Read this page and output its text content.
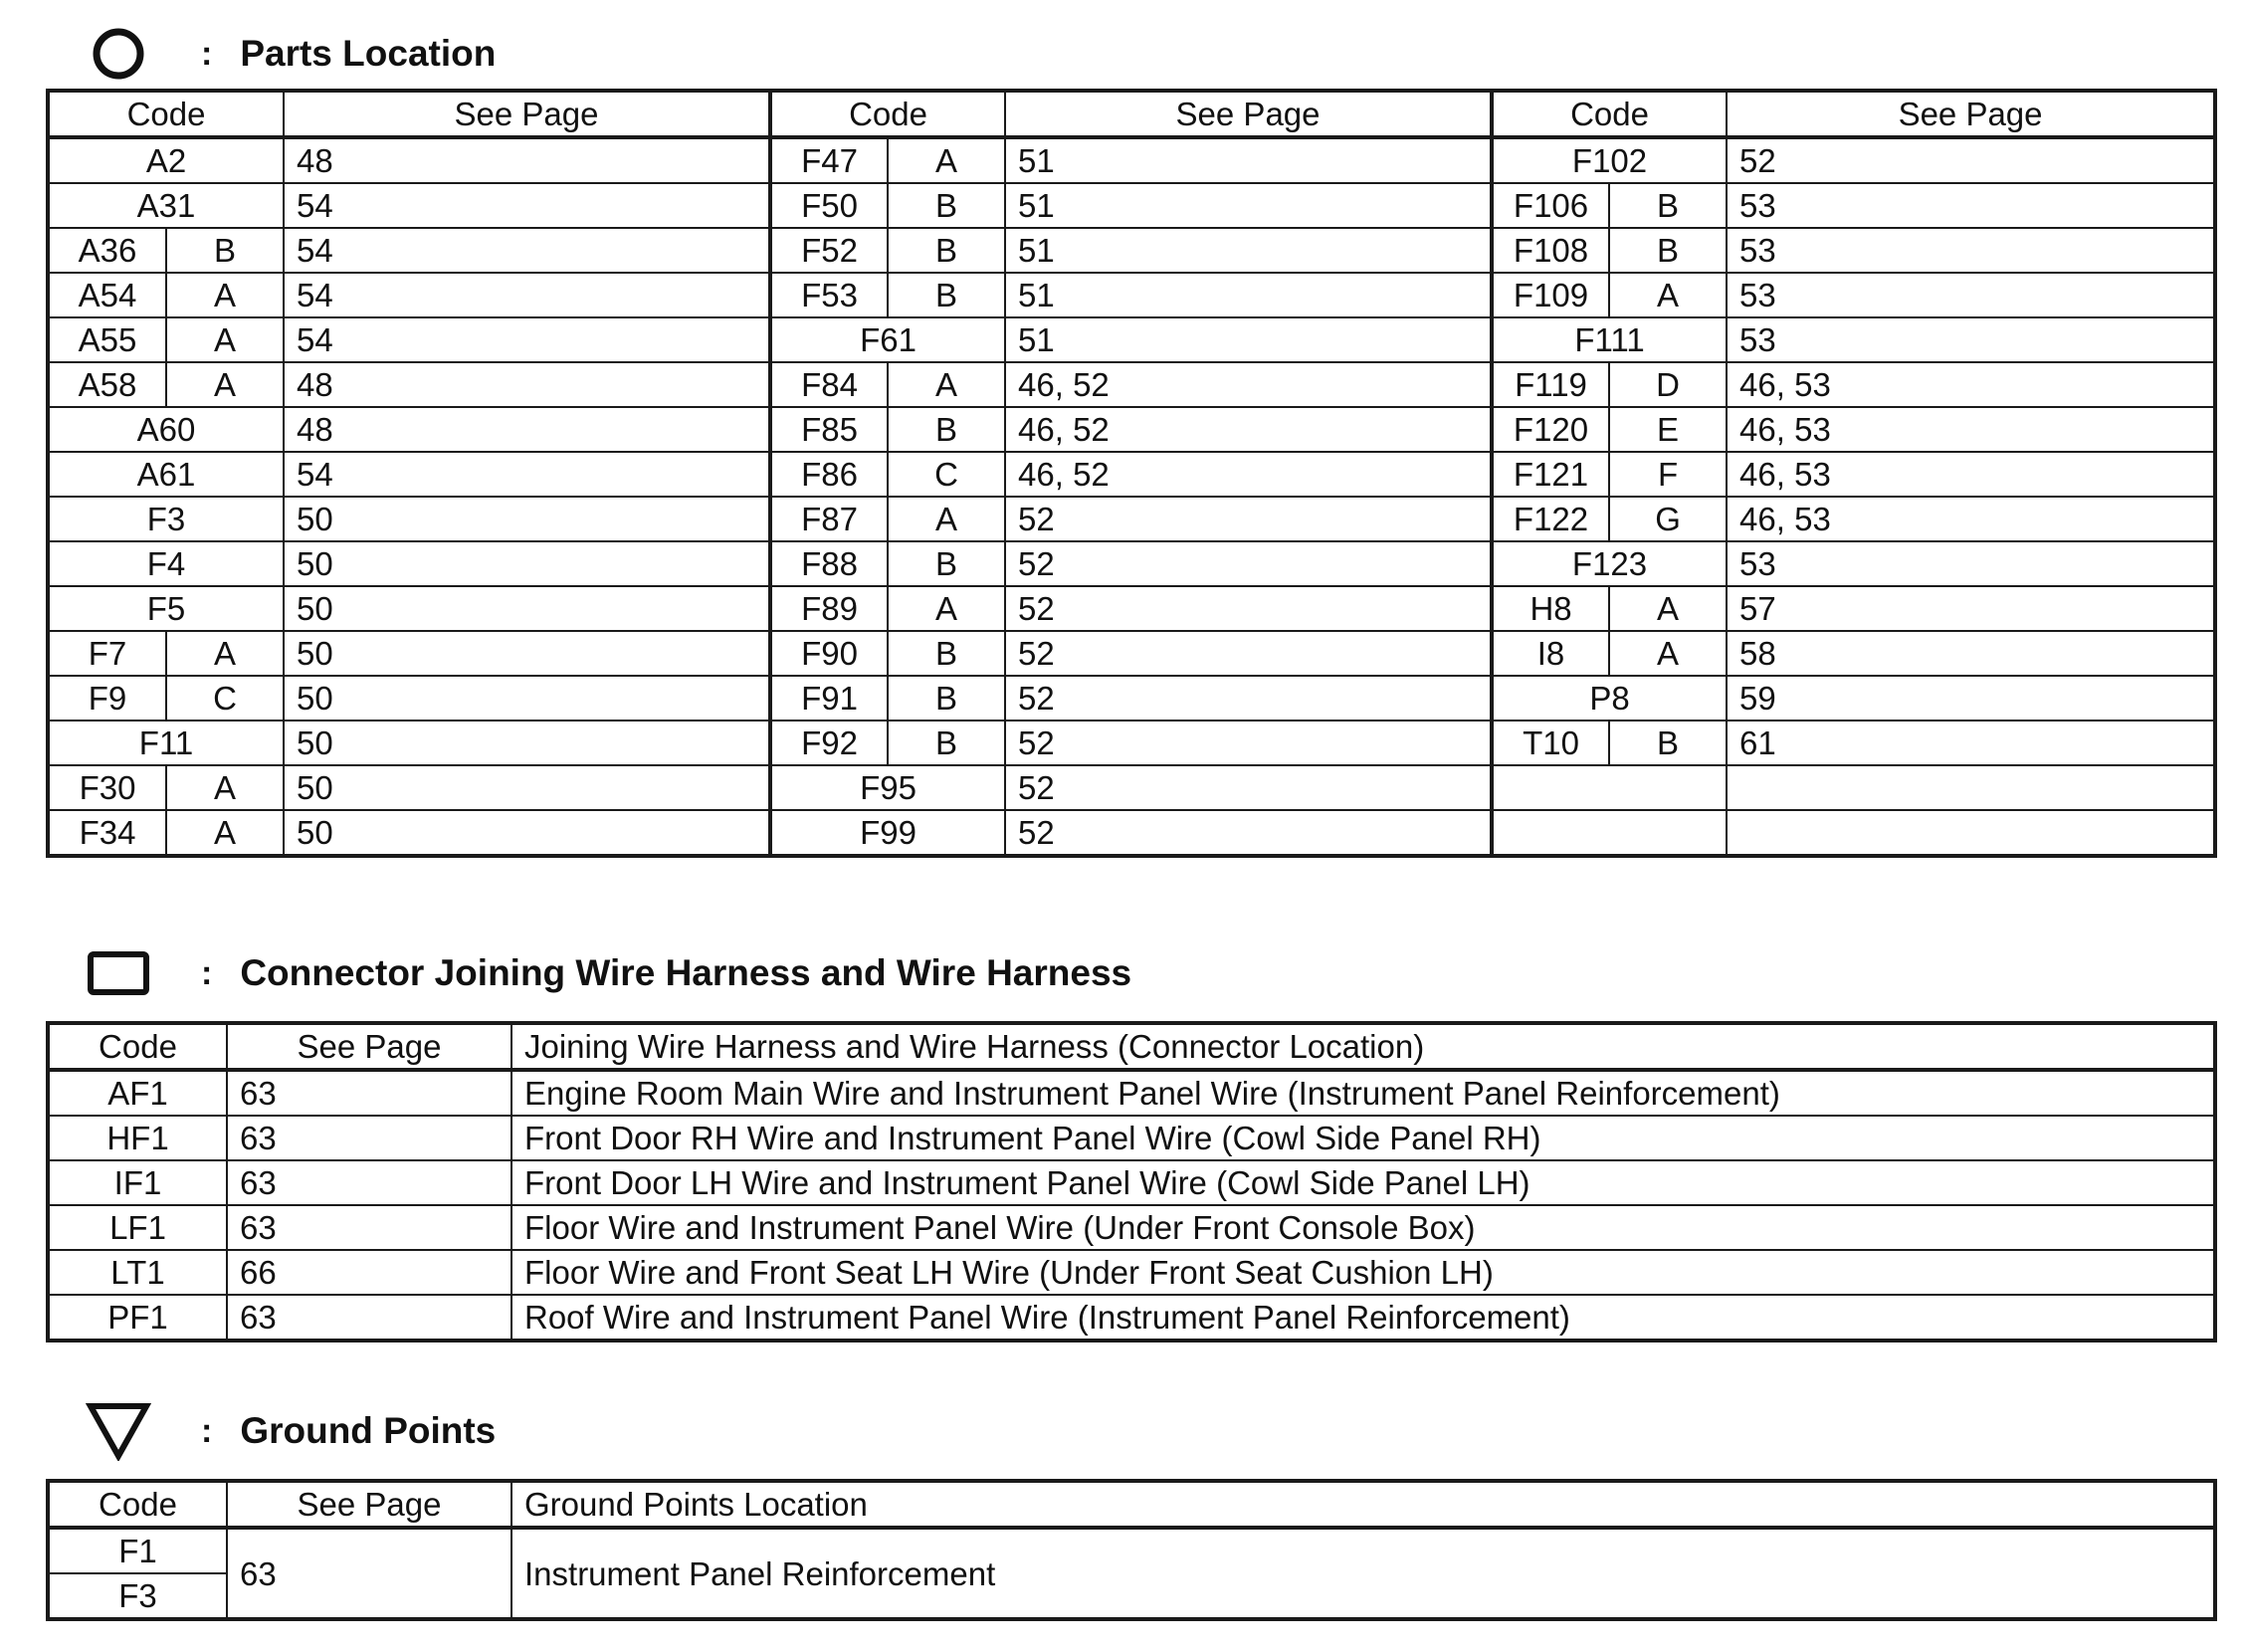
: Parts Location
Code		See Page	Code		See Page	Code		See Page
A2		48	F47	A	51	F102		52
A31		54	F50	B	51	F106	B	53
A36	B	54	F52	B	51	F108	B	53
A54	A	54	F53	B	51	F109	A	53
A55	A	54	F61		51	F111		53
A58	A	48	F84	A	46, 52	F119	D	46, 53
A60		48	F85	B	46, 52	F120	E	46, 53
A61		54	F86	C	46, 52	F121	F	46, 53
F3		50	F87	A	52	F122	G	46, 53
F4		50	F88	B	52	F123		53
F5		50	F89	A	52	H8	A	57
F7	A	50	F90	B	52	I8	A	58
F9	C	50	F91	B	52	P8		59
F11		50	F92	B	52	T10	B	61
F30	A	50	F95		52			
F34	A	50	F99		52			
: Connector Joining Wire Harness and Wire Harness
Code	See Page	Joining Wire Harness and Wire Harness (Connector Location)
AF1	63	Engine Room Main Wire and Instrument Panel Wire (Instrument Panel Reinforcement)
HF1	63	Front Door RH Wire and Instrument Panel Wire (Cowl Side Panel RH)
IF1	63	Front Door LH Wire and Instrument Panel Wire (Cowl Side Panel LH)
LF1	63	Floor Wire and Instrument Panel Wire (Under Front Console Box)
LT1	66	Floor Wire and Front Seat LH Wire (Under Front Seat Cushion LH)
PF1	63	Roof Wire and Instrument Panel Wire (Instrument Panel Reinforcement)
: Ground Points
Code	See Page	Ground Points Location
F1	63	Instrument Panel Reinforcement
F3		
